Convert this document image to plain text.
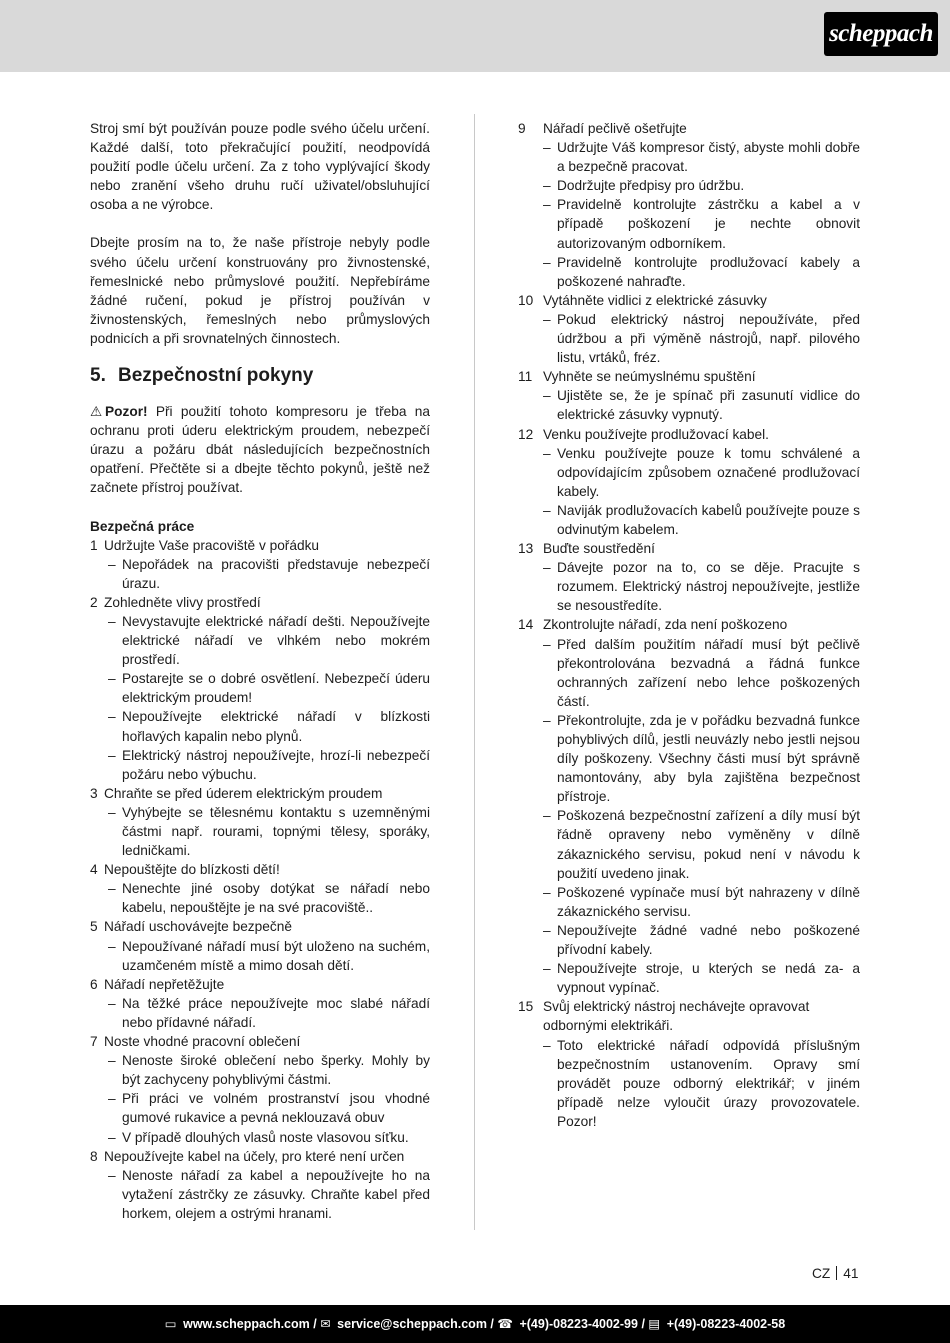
scheppach

Stroj smí být používán pouze podle svého účelu určení. Každé další, toto překračující použití, neodpovídá použití podle účelu určení. Za z toho vyplývající škody nebo zranění všeho druhu ručí uživatel/obsluhující osoba a ne výrobce.

Dbejte prosím na to, že naše přístroje nebyly podle svého účelu určení konstruovány pro živnostenské, řemeslnické nebo průmyslové použití. Nepřebíráme žádné ručení, pokud je přístroj používán v živnostenských, řemeslných nebo průmyslových podnicích a při srovnatelných činnostech.

5. Bezpečnostní pokyny

⚠ Pozor! Při použití tohoto kompresoru je třeba na ochranu proti úderu elektrickým proudem, nebezpečí úrazu a požáru dbát následujících bezpečnostních opatření. Přečtěte si a dbejte těchto pokynů, ještě než začnete přístroj používat.

Bezpečná práce
1 Udržujte Vaše pracoviště v pořádku
– Nepořádek na pracovišti představuje nebezpečí úrazu.
2 Zohledněte vlivy prostředí
– Nevystavujte elektrické nářadí dešti. Nepoužívejte elektrické nářadí ve vlhkém nebo mokrém prostředí.
– Postarejte se o dobré osvětlení. Nebezpečí úderu elektrickým proudem!
– Nepoužívejte elektrické nářadí v blízkosti hořlavých kapalin nebo plynů.
– Elektrický nástroj nepoužívejte, hrozí-li nebezpečí požáru nebo výbuchu.
3 Chraňte se před úderem elektrickým proudem
– Vyhýbejte se tělesnému kontaktu s uzemněnými částmi např. rourami, topnými tělesy, sporáky, ledničkami.
4 Nepouštějte do blízkosti dětí!
– Nenechte jiné osoby dotýkat se nářadí nebo kabelu, nepouštějte je na své pracoviště..
5 Nářadí uschovávejte bezpečně
– Nepoužívané nářadí musí být uloženo na suchém, uzamčeném místě a mimo dosah dětí.
6 Nářadí nepřetěžujte
– Na těžké práce nepoužívejte moc slabé nářadí nebo přídavné nářadí.
7 Noste vhodné pracovní oblečení
– Nenoste široké oblečení nebo šperky. Mohly by být zachyceny pohyblivými částmi.
– Při práci ve volném prostranství jsou vhodné gumové rukavice a pevná neklouzavá obuv
– V případě dlouhých vlasů noste vlasovou síťku.
8 Nepoužívejte kabel na účely, pro které není určen
– Nenoste nářadí za kabel a nepoužívejte ho na vytažení zástrčky ze zásuvky. Chraňte kabel před horkem, olejem a ostrými hranami.
9	Nářadí pečlivě ošetřujte
– Udržujte Váš kompresor čistý, abyste mohli dobře a bezpečně pracovat.
– Dodržujte předpisy pro údržbu.
– Pravidelně kontrolujte zástrčku a kabel a v případě poškození je nechte obnovit autorizovaným odborníkem.
– Pravidelně kontrolujte prodlužovací kabely a poškozené nahraďte.
10 Vytáhněte vidlici z elektrické zásuvky
– Pokud elektrický nástroj nepoužíváte, před údržbou a při výměně nástrojů, např. pilového listu, vrtáků, fréz.
11 Vyhněte se neúmyslnému spuštění
– Ujistěte se, že je spínač při zasunutí vidlice do elektrické zásuvky vypnutý.
12 Venku používejte prodlužovací kabel.
– Venku používejte pouze k tomu schválené a odpovídajícím způsobem označené prodlužovací kabely.
– Naviják prodlužovacích kabelů používejte pouze s odvinutým kabelem.
13 Buďte soustředění
– Dávejte pozor na to, co se děje. Pracujte s rozumem. Elektrický nástroj nepoužívejte, jestliže se nesoustředíte.
14 Zkontrolujte nářadí, zda není poškozeno
– Před dalším použitím nářadí musí být pečlivě překontrolována bezvadná a řádná funkce ochranných zařízení nebo lehce poškozených částí.
– Překontrolujte, zda je v pořádku bezvadná funkce pohyblivých dílů, jestli neuvázly nebo jestli nejsou díly poškozeny. Všechny části musí být správně namontovány, aby byla zajištěna bezpečnost přístroje.
– Poškozená bezpečnostní zařízení a díly musí být řádně opraveny nebo vyměněny v dílně zákaznického servisu, pokud není v návodu k použití uvedeno jinak.
– Poškozené vypínače musí být nahrazeny v dílně zákaznického servisu.
– Nepoužívejte žádné vadné nebo poškozené přívodní kabely.
– Nepoužívejte stroje, u kterých se nedá za- a vypnout vypínač.
15 Svůj elektrický nástroj nechávejte opravovat odbornými elektrikáři.
– Toto elektrické nářadí odpovídá příslušným bezpečnostním ustanovením. Opravy smí provádět pouze odborný elektrikář; v jiném případě nelze vyloučit úrazy provozovatele. Pozor!
CZ 41
▭ www.scheppach.com / ✉ service@scheppach.com / ☎ +(49)-08223-4002-99 / ▤ +(49)-08223-4002-58
